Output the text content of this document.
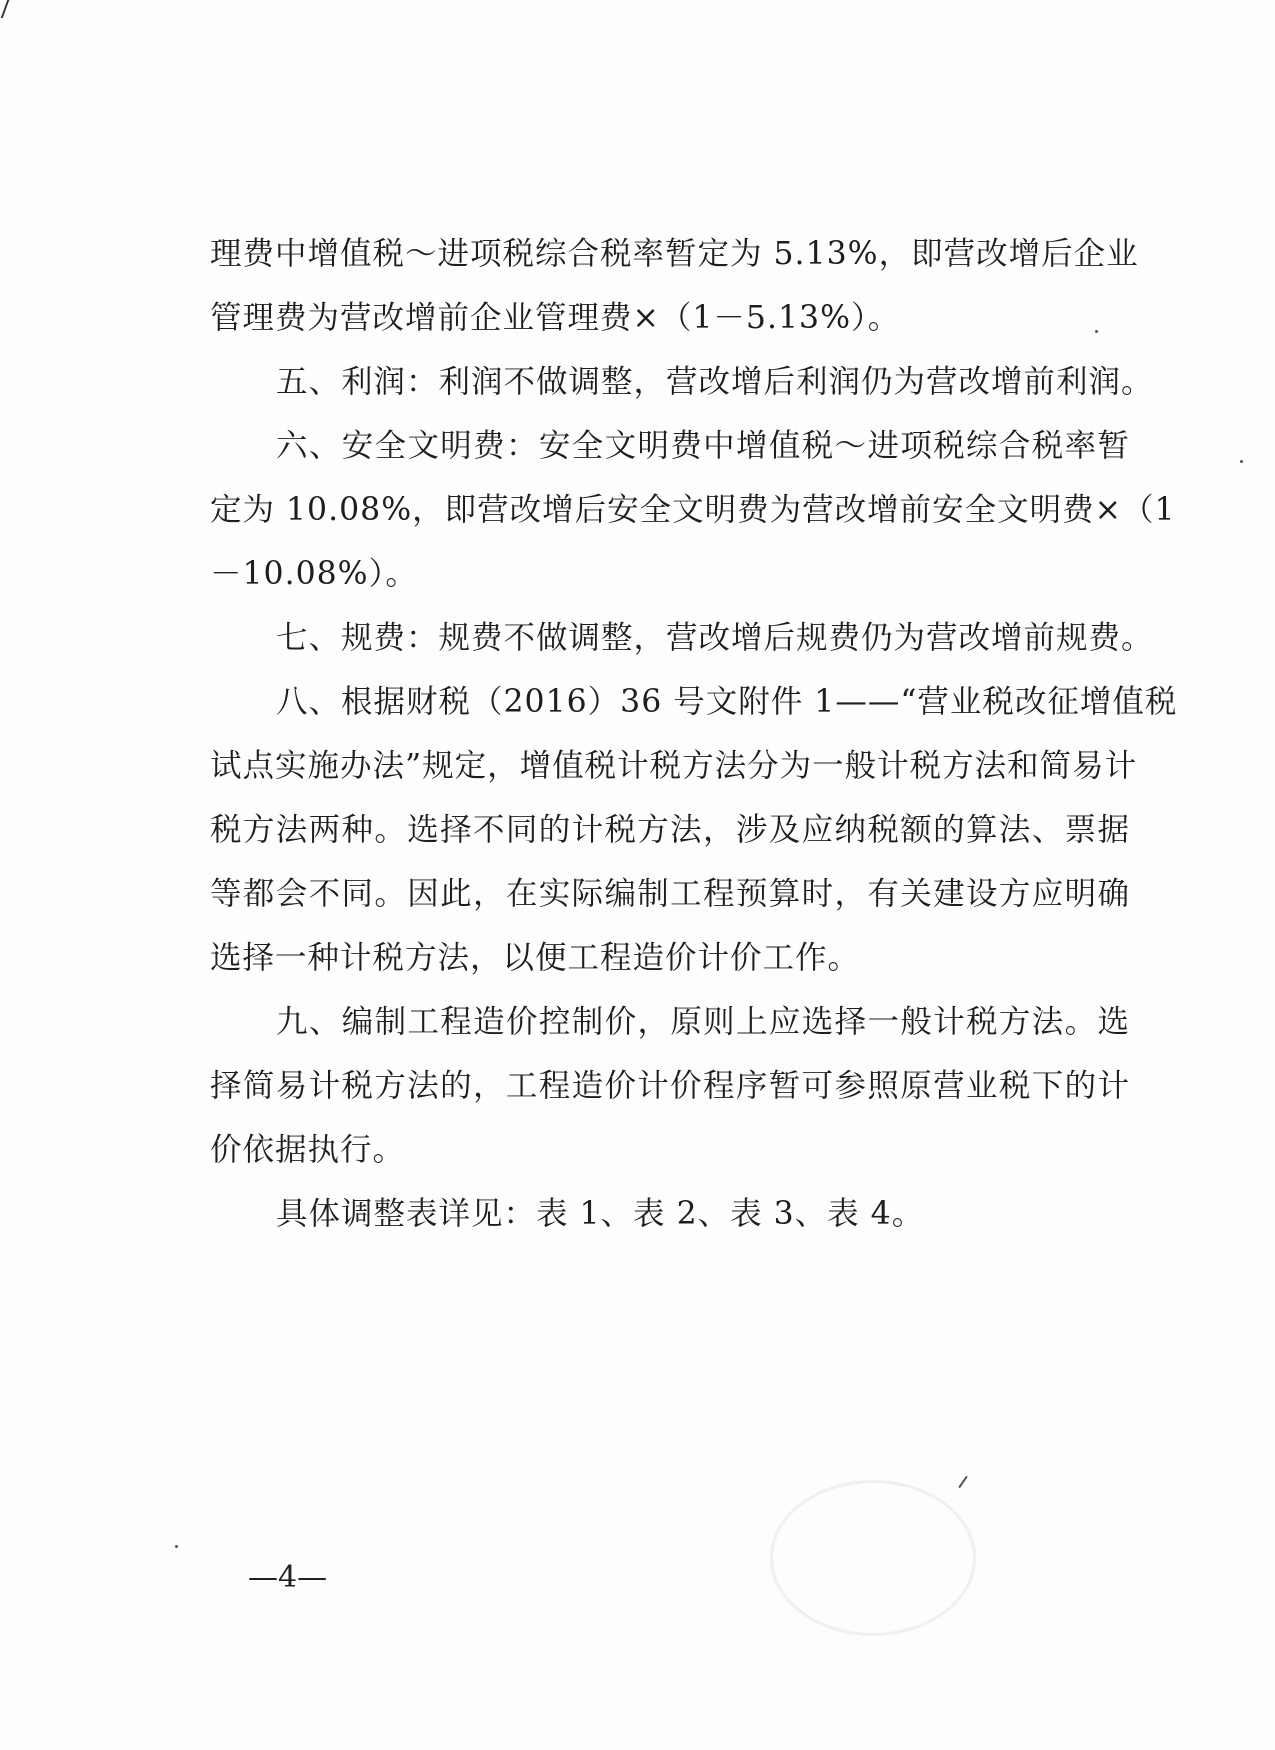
理费中增值税～进项税综合税率暂定为 5.13%，即营改增后企业
管理费为营改增前企业管理费×（1－5.13%）。
五、利润：利润不做调整，营改增后利润仍为营改增前利润。
六、安全文明费：安全文明费中增值税～进项税综合税率暂
定为 10.08%，即营改增后安全文明费为营改增前安全文明费×（1
－10.08%）。
七、规费：规费不做调整，营改增后规费仍为营改增前规费。
八、根据财税（2016）36 号文附件 1——“营业税改征增值税
试点实施办法”规定，增值税计税方法分为一般计税方法和简易计
税方法两种。选择不同的计税方法，涉及应纳税额的算法、票据
等都会不同。因此，在实际编制工程预算时，有关建设方应明确
选择一种计税方法，以便工程造价计价工作。
九、编制工程造价控制价，原则上应选择一般计税方法。选
择简易计税方法的，工程造价计价程序暂可参照原营业税下的计
价依据执行。
具体调整表详见：表 1、表 2、表 3、表 4。
—4—
